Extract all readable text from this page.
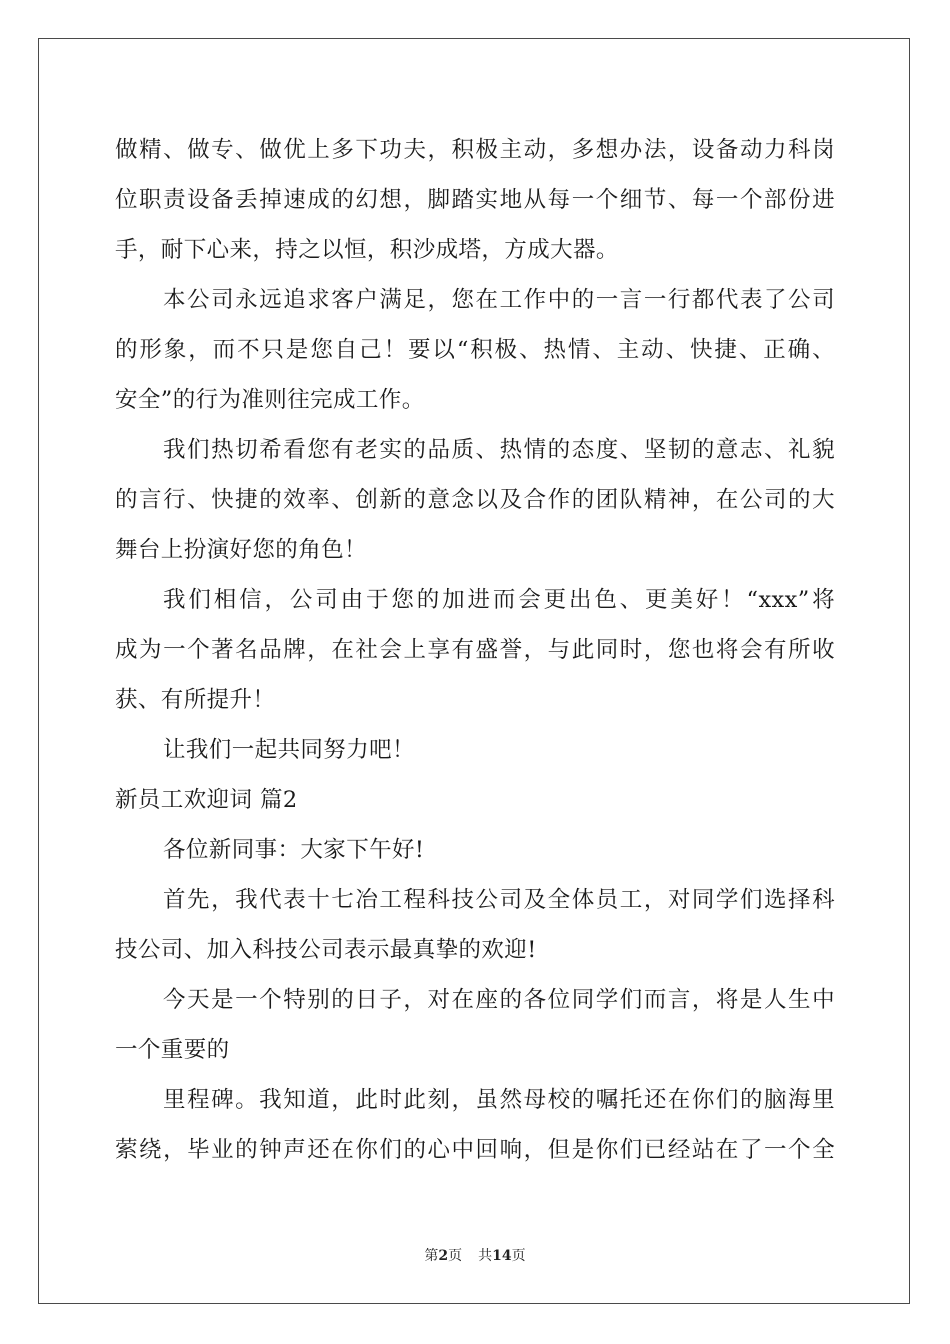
做精、做专、做优上多下功夫，积极主动，多想办法，设备动力科岗
位职责设备丢掉速成的幻想，脚踏实地从每一个细节、每一个部份进
手，耐下心来，持之以恒，积沙成塔，方成大器。
本公司永远追求客户满足，您在工作中的一言一行都代表了公司
的形象，而不只是您自己！要以“积极、热情、主动、快捷、正确、
安全”的行为准则往完成工作。
我们热切希看您有老实的品质、热情的态度、坚韧的意志、礼貌
的言行、快捷的效率、创新的意念以及合作的团队精神，在公司的大
舞台上扮演好您的角色！
我们相信，公司由于您的加进而会更出色、更美好！“xxx”将
成为一个著名品牌，在社会上享有盛誉，与此同时，您也将会有所收
获、有所提升！
让我们一起共同努力吧！
新员工欢迎词 篇2
各位新同事：大家下午好!
首先，我代表十七冶工程科技公司及全体员工，对同学们选择科
技公司、加入科技公司表示最真挚的欢迎!
今天是一个特别的日子，对在座的各位同学们而言，将是人生中
一个重要的
里程碑。我知道，此时此刻，虽然母校的嘱托还在你们的脑海里
萦绕，毕业的钟声还在你们的心中回响，但是你们已经站在了一个全
第2页 共14页
